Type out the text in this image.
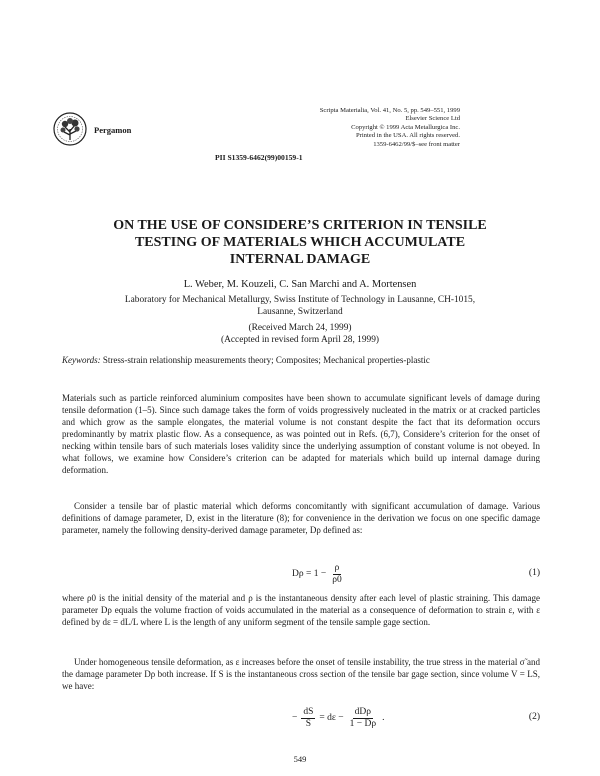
Pergamon
Scripta Materialia, Vol. 41, No. 5, pp. 549–551, 1999
Elsevier Science Ltd
Copyright © 1999 Acta Metallurgica Inc.
Printed in the USA. All rights reserved.
1359-6462/99/$–see front matter
PII S1359-6462(99)00159-1
ON THE USE OF CONSIDERE’S CRITERION IN TENSILE
TESTING OF MATERIALS WHICH ACCUMULATE
INTERNAL DAMAGE
L. Weber, M. Kouzeli, C. San Marchi and A. Mortensen
Laboratory for Mechanical Metallurgy, Swiss Institute of Technology in Lausanne, CH-1015,
Lausanne, Switzerland
(Received March 24, 1999)
(Accepted in revised form April 28, 1999)
Keywords: Stress-strain relationship measurements theory; Composites; Mechanical properties-plastic
Materials such as particle reinforced aluminium composites have been shown to accumulate significant levels of damage during tensile deformation (1–5). Since such damage takes the form of voids progressively nucleated in the matrix or at cracked particles and which grow as the sample elongates, the material volume is not constant despite the fact that its deformation occurs predominantly by matrix plastic flow. As a consequence, as was pointed out in Refs. (6,7), Considere’s criterion for the onset of necking within tensile bars of such materials loses validity since the underlying assumption of constant volume is not obeyed. In what follows, we examine how Considere’s criterion can be adapted for materials which build up internal damage during deformation.
Consider a tensile bar of plastic material which deforms concomitantly with significant accumulation of damage. Various definitions of damage parameter, D, exist in the literature (8); for convenience in the derivation we focus on one specific damage parameter, namely the following density-derived damage parameter, Dρ defined as:
$D\rho = 1 - \frac{\rho}{\rho 0}$	(1)
where ρ0 is the initial density of the material and ρ is the instantaneous density after each level of plastic straining. This damage parameter Dρ equals the volume fraction of voids accumulated in the material as a consequence of deformation to strain ε, with ε defined by dε = dL/L where L is the length of any uniform segment of the tensile sample gage section.
Under homogeneous tensile deformation, as ε increases before the onset of tensile instability, the true stress in the material σ̃ and the damage parameter Dρ both increase. If S is the instantaneous cross section of the tensile bar gage section, since volume V = LS, we have:
− $\frac{dS}{S} = d\varepsilon - \frac{\text{dDρ}}{1 - D\rho}$ .	(2)
549
